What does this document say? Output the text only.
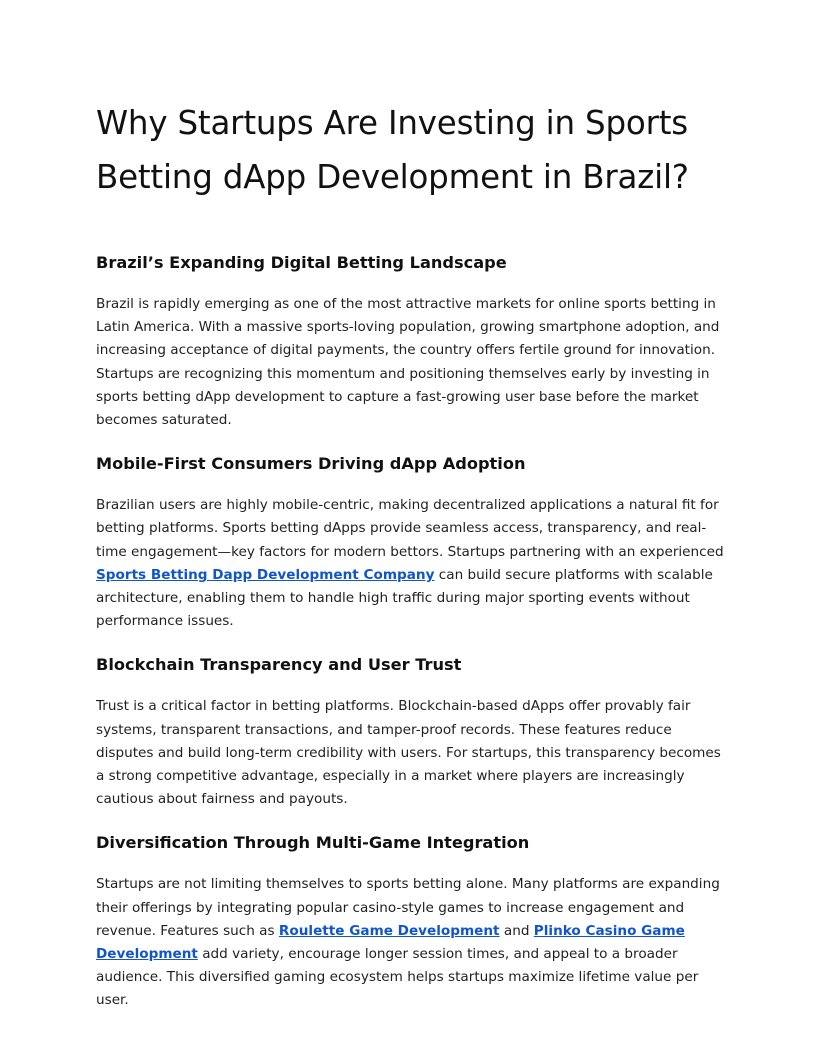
Why Startups Are Investing in Sports Betting dApp Development in Brazil?
Brazil’s Expanding Digital Betting Landscape

Brazil is rapidly emerging as one of the most attractive markets for online sports betting in Latin America. With a massive sports-loving population, growing smartphone adoption, and increasing acceptance of digital payments, the country offers fertile ground for innovation. Startups are recognizing this momentum and positioning themselves early by investing in sports betting dApp development to capture a fast-growing user base before the market becomes saturated.

Mobile-First Consumers Driving dApp Adoption

Brazilian users are highly mobile-centric, making decentralized applications a natural fit for betting platforms. Sports betting dApps provide seamless access, transparency, and real-time engagement—key factors for modern bettors. Startups partnering with an experienced Sports Betting Dapp Development Company can build secure platforms with scalable architecture, enabling them to handle high traffic during major sporting events without performance issues.

Blockchain Transparency and User Trust

Trust is a critical factor in betting platforms. Blockchain-based dApps offer provably fair systems, transparent transactions, and tamper-proof records. These features reduce disputes and build long-term credibility with users. For startups, this transparency becomes a strong competitive advantage, especially in a market where players are increasingly cautious about fairness and payouts.

Diversification Through Multi-Game Integration

Startups are not limiting themselves to sports betting alone. Many platforms are expanding their offerings by integrating popular casino-style games to increase engagement and revenue. Features such as Roulette Game Development and Plinko Casino Game Development add variety, encourage longer session times, and appeal to a broader audience. This diversified gaming ecosystem helps startups maximize lifetime value per user.
